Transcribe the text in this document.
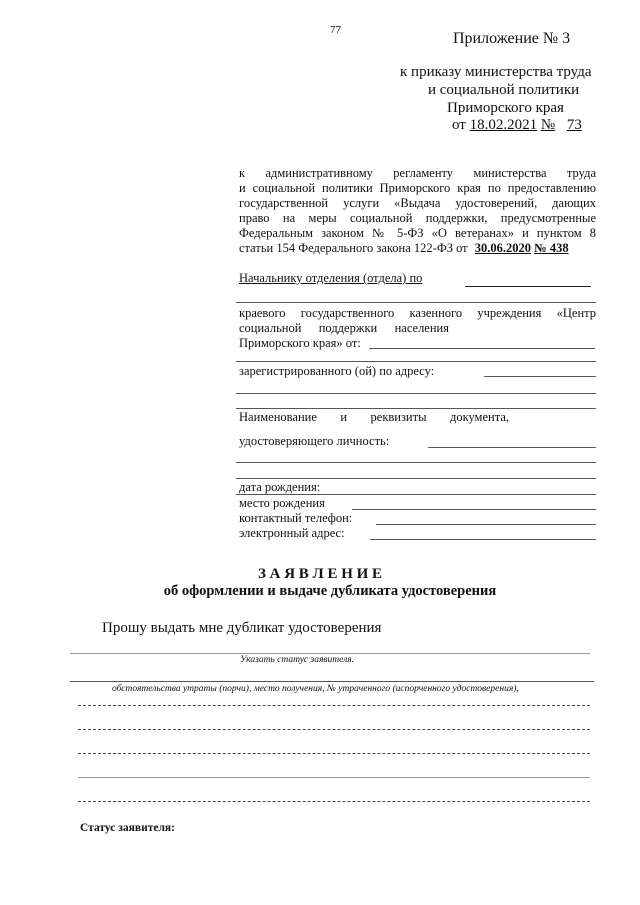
77	Приложение № 3
к приказу министерства труда
и социальной политики
Приморского края
от 18.02.2021 № 73
к административному регламенту министерства труда
и социальной политики Приморского края по предоставлению
государственной услуги «Выдача удостоверений, дающих
право на меры социальной поддержки, предусмотренные
Федеральным законом № 5-ФЗ «О ветеранах» и пунктом 8
статьи 154 Федерального закона 122-ФЗ от 30.06.2020 № 438
Начальнику отделения (отдела) по
краевого государственного казенного учреждения «Центр
социальной поддержки населения
Приморского края» от:
зарегистрированного (ой) по адресу:
Наименование и реквизиты документа,
удостоверяющего личность:
дата рождения:
место рождения
контактный телефон:
электронный адрес:
З А Я В Л Е Н И Е
об оформлении и выдаче дубликата удостоверения
Прошу выдать мне дубликат удостоверения
Указать статус заявителя.
обстоятельства утраты (порчи), место получения, № утраченного (испорченного удостоверения),
Статус заявителя:
